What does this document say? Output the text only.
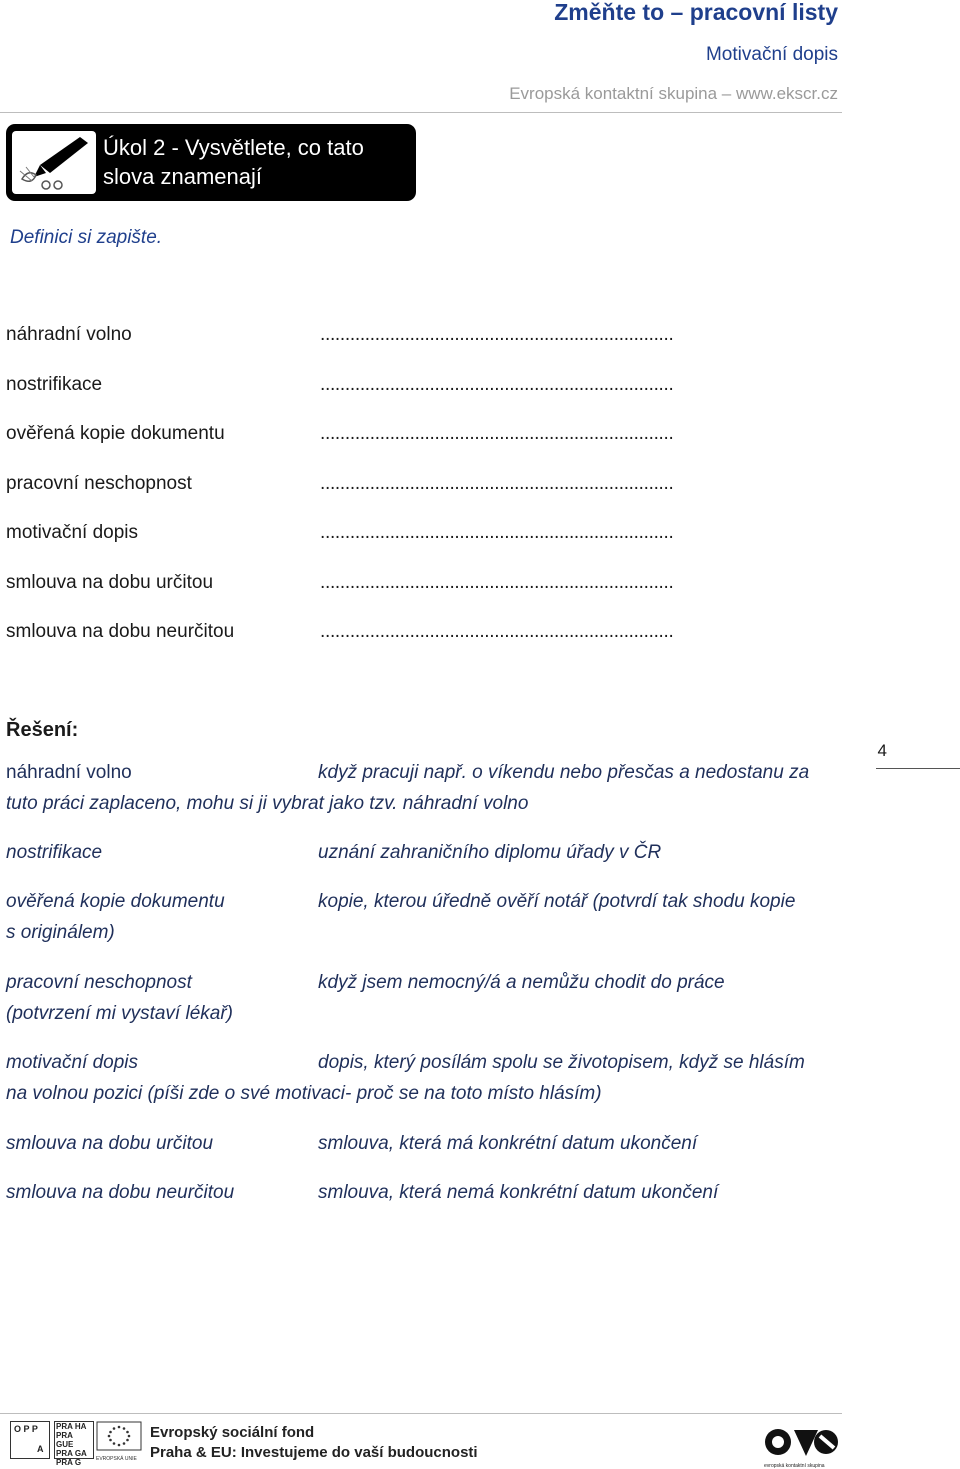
Změňte to – pracovní listy
Motivační dopis
Evropská kontaktní skupina – www.ekscr.cz
Úkol 2 - Vysvětlete, co tato slova znamenají
Definici si zapište.
náhradní volno	.......................................................................
nostrifikace	.......................................................................
ověřená kopie dokumentu	.......................................................................
pracovní neschopnost	.......................................................................
motivační dopis	.......................................................................
smlouva na dobu určitou	.......................................................................
smlouva na dobu neurčitou	.......................................................................
Řešení:
náhradní volno	když pracuji např. o víkendu nebo přesčas a nedostanu za
tuto práci zaplaceno, mohu si ji vybrat jako tzv. náhradní volno
nostrifikace	uznání zahraničního diplomu úřady v ČR
ověřená kopie dokumentu	kopie, kterou úředně ověří notář (potvrdí tak shodu kopie
s originálem)
pracovní neschopnost	když jsem nemocný/á a nemůžu chodit do práce
(potvrzení mi vystaví lékař)
motivační dopis	dopis, který posílám spolu se životopisem, když se hlásím
na volnou pozici (píši zde o své motivaci- proč se na toto místo hlásím)
smlouva na dobu určitou	smlouva, která má konkrétní datum ukončení
smlouva na dobu neurčitou	smlouva, která nemá konkrétní datum ukončení
4
O P P
A
PRA HA
PRA GUE
PRA GA
PRA G	EVROPSKÁ UNIE
Evropský sociální fond
Praha & EU: Investujeme do vaší budoucnosti
evropská kontaktní skupina
